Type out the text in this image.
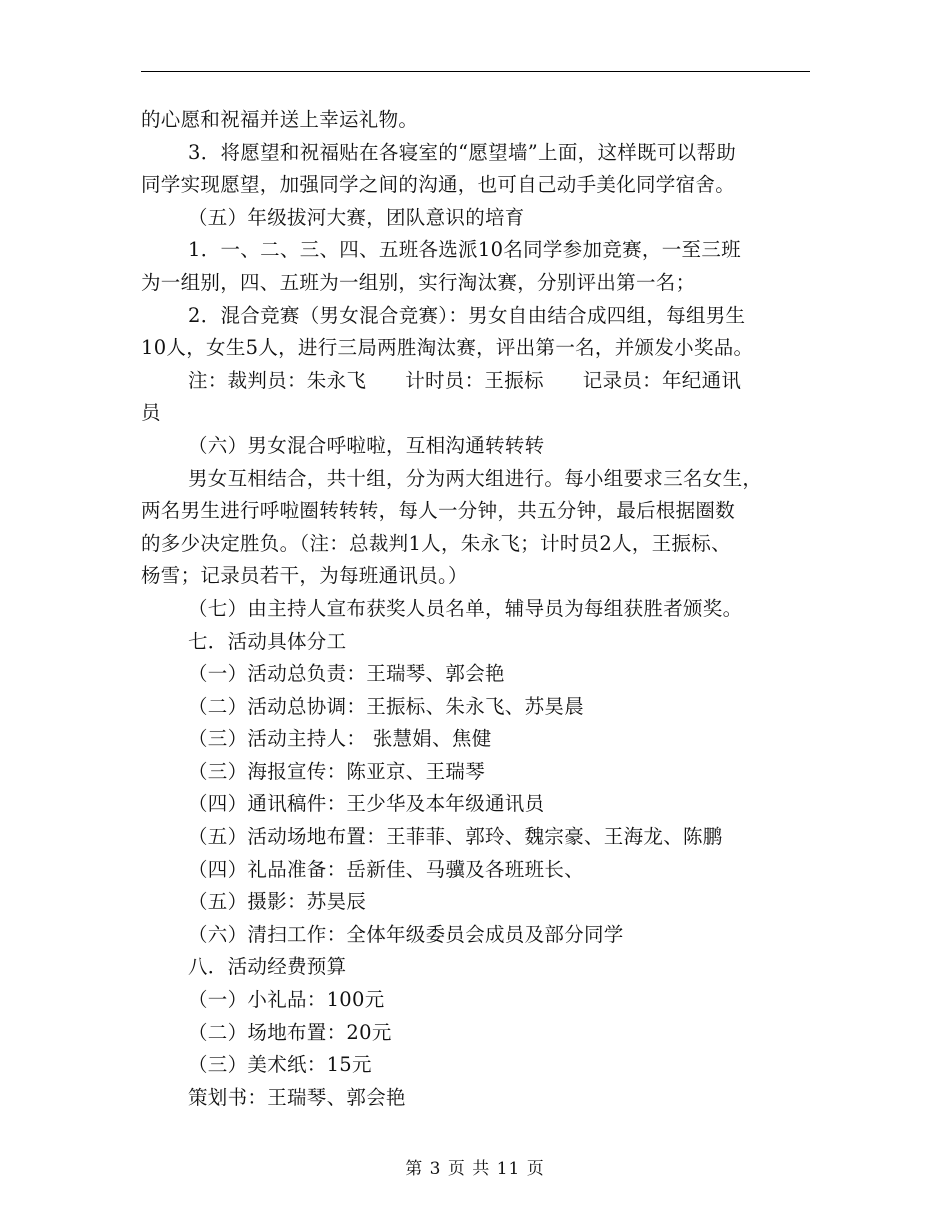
的心愿和祝福并送上幸运礼物。
3．将愿望和祝福贴在各寝室的“愿望墙”上面，这样既可以帮助
同学实现愿望，加强同学之间的沟通，也可自己动手美化同学宿舍。
（五）年级拔河大赛，团队意识的培育
1．一、二、三、四、五班各选派10名同学参加竞赛，一至三班
为一组别，四、五班为一组别，实行淘汰赛，分别评出第一名；
2．混合竞赛（男女混合竞赛）：男女自由结合成四组，每组男生
10人，女生5人，进行三局两胜淘汰赛，评出第一名，并颁发小奖品。
注：裁判员：朱永飞      计时员：王振标      记录员：年纪通讯
员
（六）男女混合呼啦啦，互相沟通转转转
男女互相结合，共十组，分为两大组进行。每小组要求三名女生，
两名男生进行呼啦圈转转转，每人一分钟，共五分钟，最后根据圈数
的多少决定胜负。（注：总裁判1人，朱永飞；计时员2人，王振标、
杨雪；记录员若干，为每班通讯员。）
（七）由主持人宣布获奖人员名单，辅导员为每组获胜者颁奖。
七．活动具体分工
（一）活动总负责：王瑞琴、郭会艳
（二）活动总协调：王振标、朱永飞、苏昊晨
（三）活动主持人： 张慧娟、焦健
（三）海报宣传：陈亚京、王瑞琴
（四）通讯稿件：王少华及本年级通讯员
（五）活动场地布置：王菲菲、郭玲、魏宗豪、王海龙、陈鹏
（四）礼品准备：岳新佳、马骥及各班班长、
（五）摄影：苏昊辰
（六）清扫工作：全体年级委员会成员及部分同学
八．活动经费预算
（一）小礼品：100元
（二）场地布置：20元
（三）美术纸：15元
策划书：王瑞琴、郭会艳
第 3 页 共 11 页
